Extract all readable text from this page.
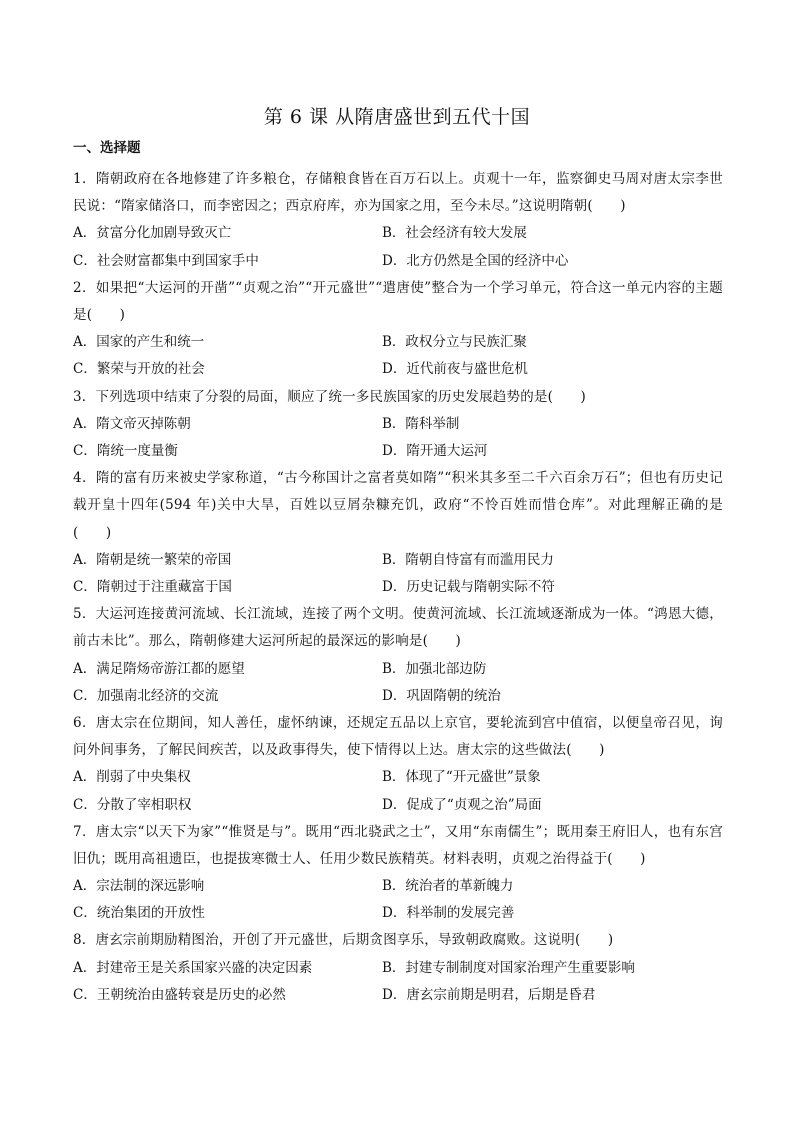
第 6 课 从隋唐盛世到五代十国
一、选择题
1．隋朝政府在各地修建了许多粮仓，存储粮食皆在百万石以上。贞观十一年，监察御史马周对唐太宗李世民说：“隋家储洛口，而李密因之；西京府库，亦为国家之用，至今未尽。”这说明隋朝(　　)
A．贫富分化加剧导致灭亡	B．社会经济有较大发展
C．社会财富都集中到国家手中	D．北方仍然是全国的经济中心
2．如果把“大运河的开凿”“贞观之治”“开元盛世”“遣唐使”整合为一个学习单元，符合这一单元内容的主题是(　　)
A．国家的产生和统一	B．政权分立与民族汇聚
C．繁荣与开放的社会	D．近代前夜与盛世危机
3．下列选项中结束了分裂的局面，顺应了统一多民族国家的历史发展趋势的是(　　)
A．隋文帝灭掉陈朝	B．隋科举制
C．隋统一度量衡	D．隋开通大运河
4．隋的富有历来被史学家称道，“古今称国计之富者莫如隋”“积米其多至二千六百余万石”；但也有历史记载开皇十四年(594 年)关中大旱，百姓以豆屑杂糠充饥，政府“不怜百姓而惜仓库”。对此理解正确的是(　　)
A．隋朝是统一繁荣的帝国	B．隋朝自恃富有而滥用民力
C．隋朝过于注重藏富于国	D．历史记载与隋朝实际不符
5．大运河连接黄河流域、长江流域，连接了两个文明。使黄河流域、长江流域逐渐成为一体。“鸿恩大德，前古未比”。那么，隋朝修建大运河所起的最深远的影响是(　　)
A．满足隋炀帝游江都的愿望	B．加强北部边防
C．加强南北经济的交流	D．巩固隋朝的统治
6．唐太宗在位期间，知人善任，虚怀纳谏，还规定五品以上京官，要轮流到宫中值宿，以便皇帝召见，询问外间事务，了解民间疾苦，以及政事得失，使下情得以上达。唐太宗的这些做法(　　)
A．削弱了中央集权	B．体现了“开元盛世”景象
C．分散了宰相职权	D．促成了“贞观之治”局面
7．唐太宗“以天下为家”“惟贤是与”。既用“西北骁武之士”，又用“东南儒生”；既用秦王府旧人，也有东宫旧仇；既用高祖遗臣，也提拔寒微士人、任用少数民族精英。材料表明，贞观之治得益于(　　)
A．宗法制的深远影响	B．统治者的革新魄力
C．统治集团的开放性	D．科举制的发展完善
8．唐玄宗前期励精图治，开创了开元盛世，后期贪图享乐，导致朝政腐败。这说明(　　)
A．封建帝王是关系国家兴盛的决定因素	B．封建专制制度对国家治理产生重要影响
C．王朝统治由盛转衰是历史的必然	D．唐玄宗前期是明君，后期是昏君
